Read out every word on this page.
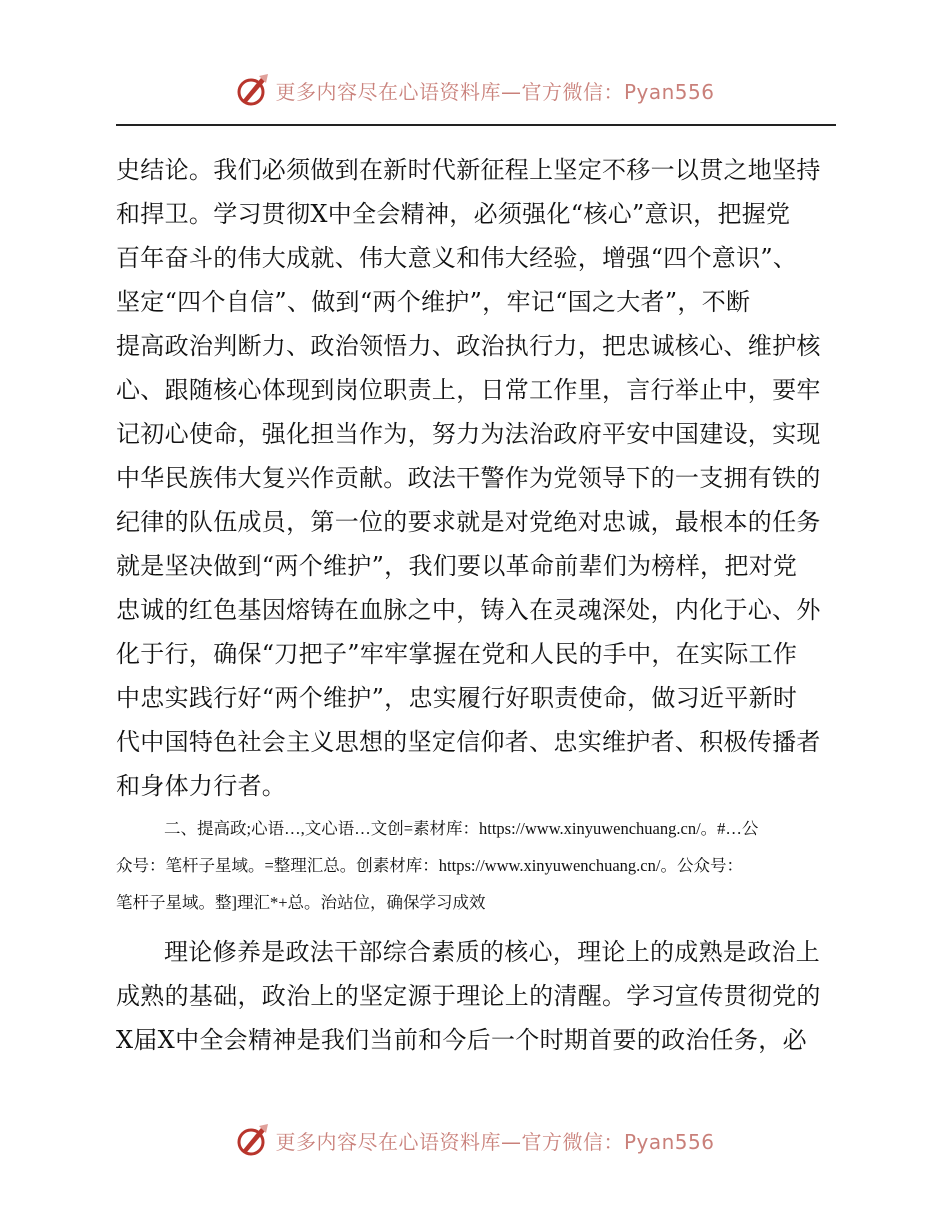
更多内容尽在心语资料库—官方微信：Pyan556
史结论。我们必须做到在新时代新征程上坚定不移一以贯之地坚持
和捍卫。学习贯彻X中全会精神，必须强化“核心”意识，把握党
百年奋斗的伟大成就、伟大意义和伟大经验，增强“四个意识”、
坚定“四个自信”、做到“两个维护”，牢记“国之大者”，不断
提高政治判断力、政治领悟力、政治执行力，把忠诚核心、维护核
心、跟随核心体现到岗位职责上，日常工作里，言行举止中，要牢
记初心使命，强化担当作为，努力为法治政府平安中国建设，实现
中华民族伟大复兴作贡献。政法干警作为党领导下的一支拥有铁的
纪律的队伍成员，第一位的要求就是对党绝对忠诚，最根本的任务
就是坚决做到“两个维护”，我们要以革命前辈们为榜样，把对党
忠诚的红色基因熔铸在血脉之中，铸入在灵魂深处，内化于心、外
化于行，确保“刀把子”牢牢掌握在党和人民的手中，在实际工作
中忠实践行好“两个维护”，忠实履行好职责使命，做习近平新时
代中国特色社会主义思想的坚定信仰者、忠实维护者、积极传播者
和身体力行者。
二、提高政;心语…,文心语…文创=素材库：https://www.xinyuwenchuang.cn/。#…公
众号：笔杆子星域。=整理汇总。创素材库：https://www.xinyuwenchuang.cn/。公众号：
笔杆子星域。整]理汇*+总。治站位，确保学习成效
理论修养是政法干部综合素质的核心，理论上的成熟是政治上
成熟的基础，政治上的坚定源于理论上的清醒。学习宣传贯彻党的
X届X中全会精神是我们当前和今后一个时期首要的政治任务，必
更多内容尽在心语资料库—官方微信：Pyan556
